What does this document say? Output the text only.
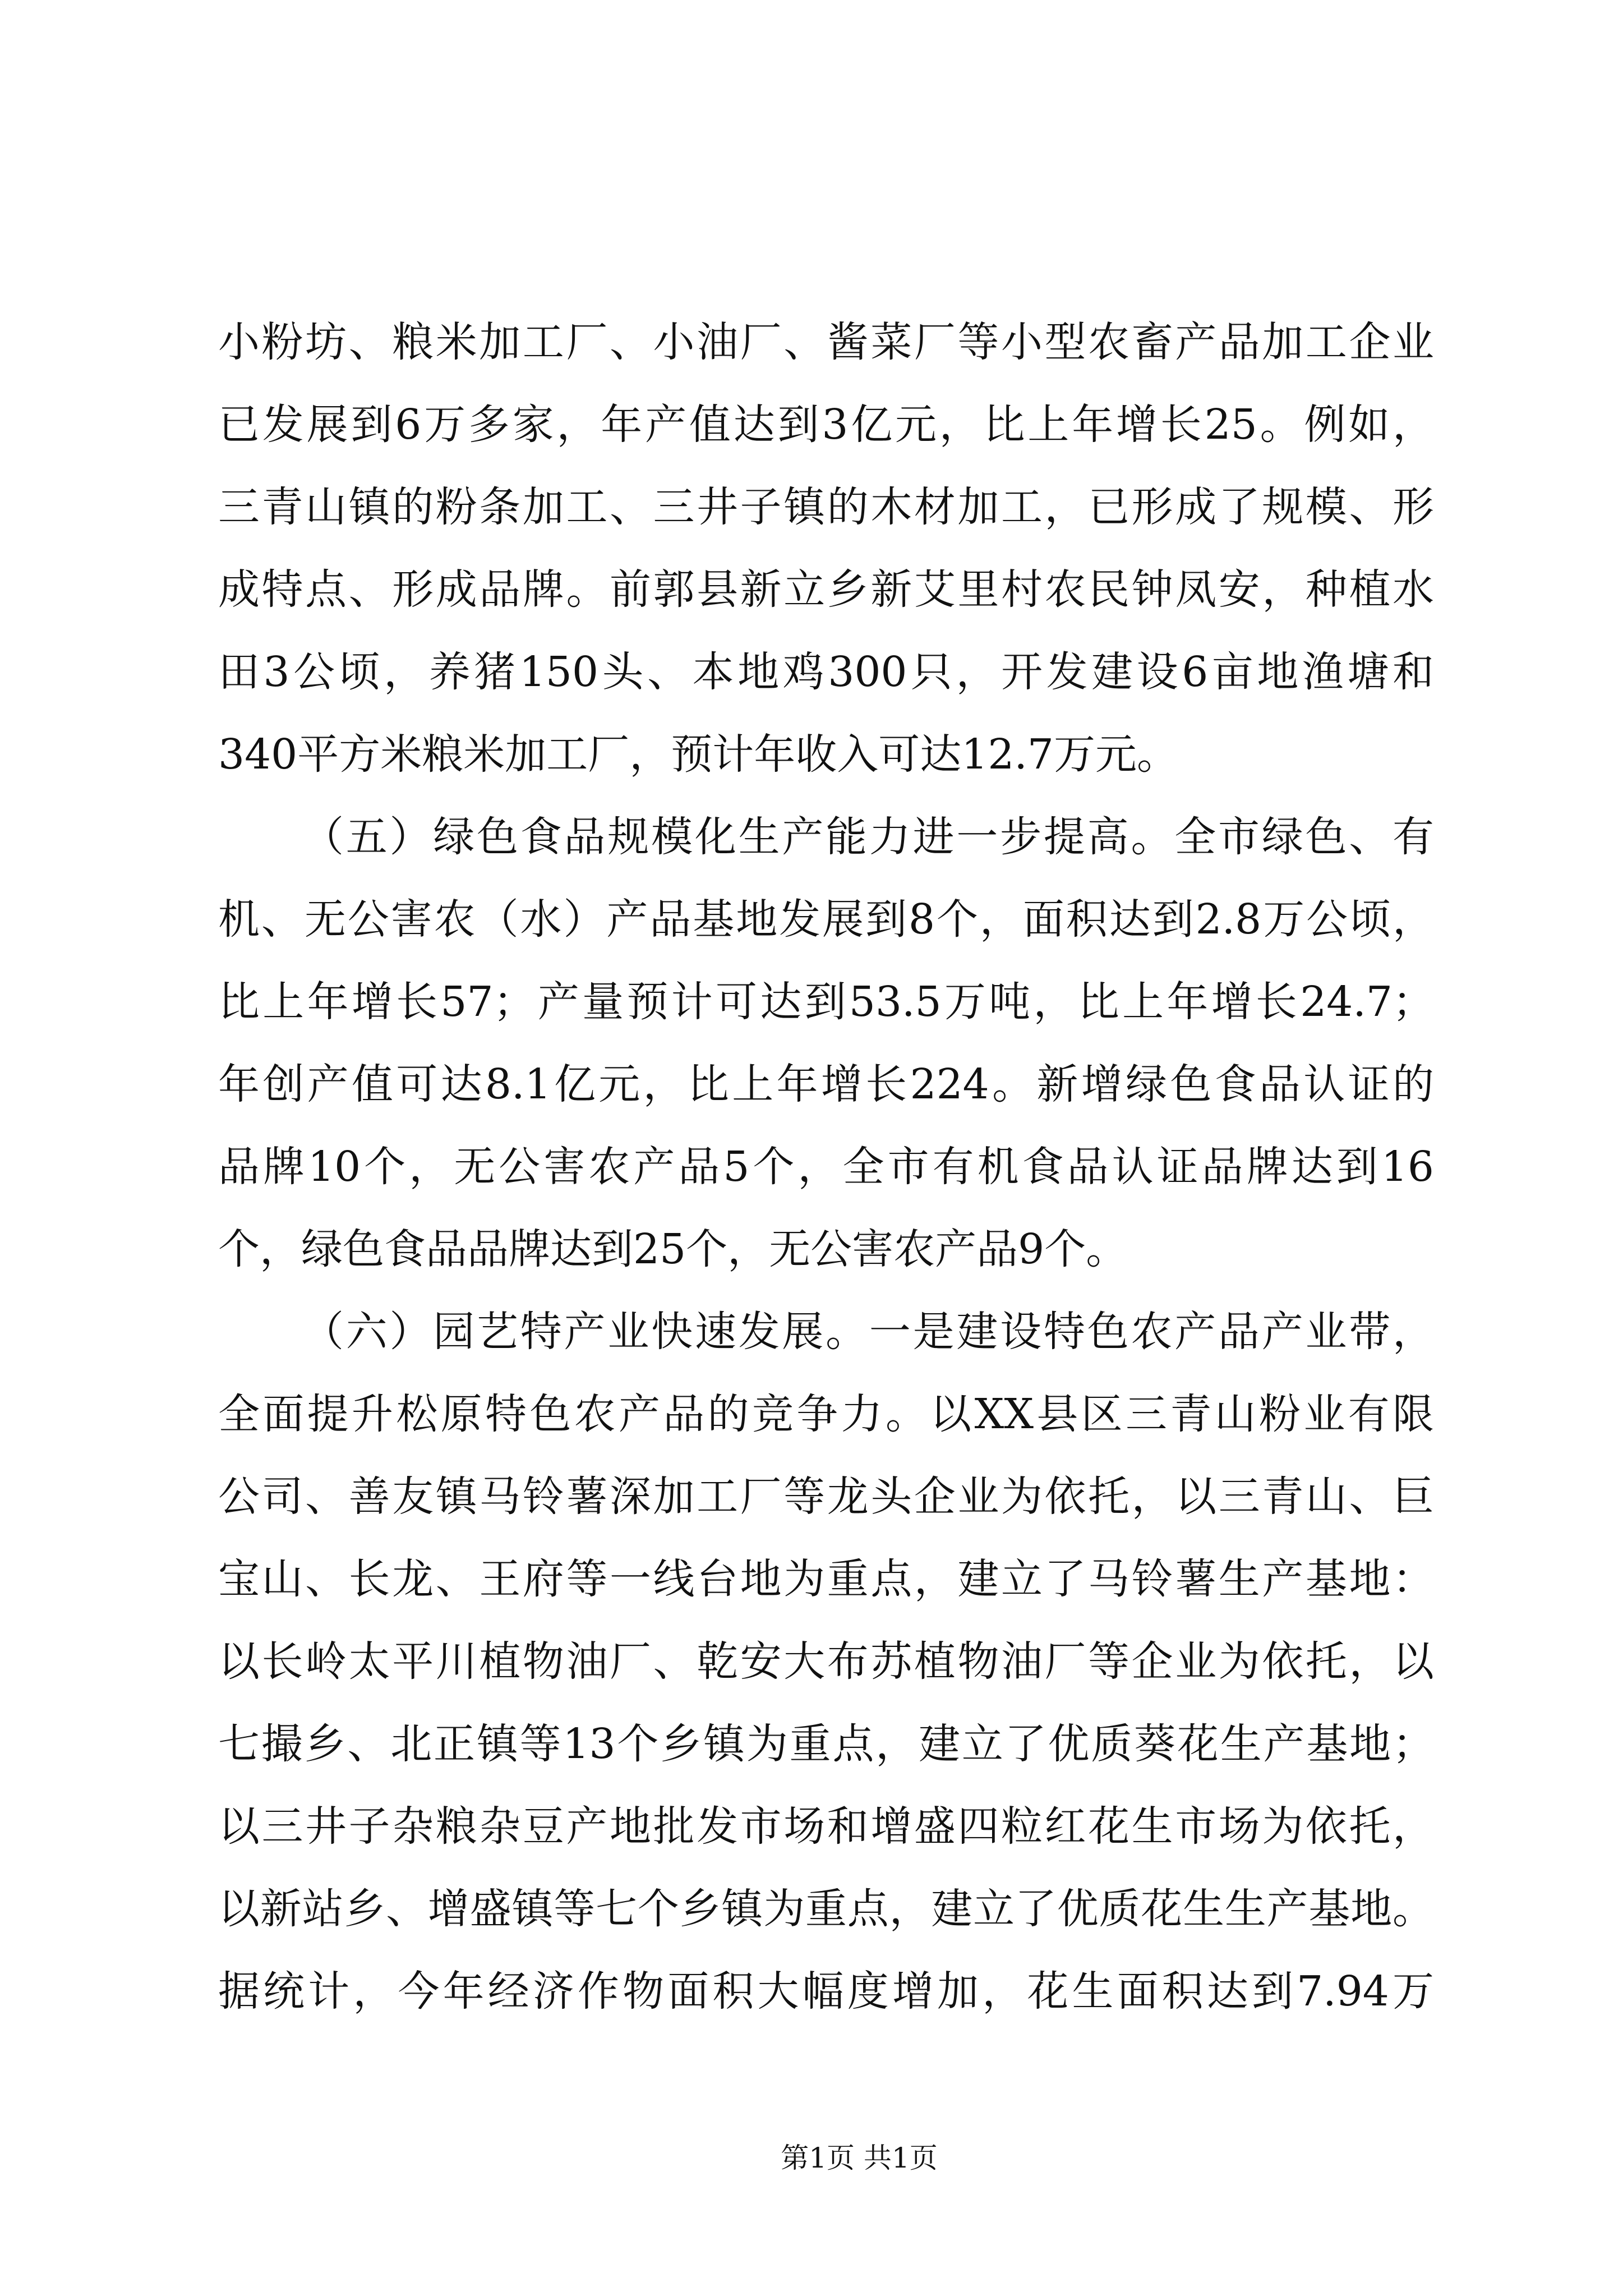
小粉坊、粮米加工厂、小油厂、酱菜厂等小型农畜产品加工企业
已发展到6万多家，年产值达到3亿元，比上年增长25。例如，
三青山镇的粉条加工、三井子镇的木材加工，已形成了规模、形
成特点、形成品牌。前郭县新立乡新艾里村农民钟凤安，种植水
田3公顷，养猪150头、本地鸡300只，开发建设6亩地渔塘和
340平方米粮米加工厂，预计年收入可达12.7万元。
（五）绿色食品规模化生产能力进一步提高。全市绿色、有
机、无公害农（水）产品基地发展到8个，面积达到2.8万公顷，
比上年增长57；产量预计可达到53.5万吨，比上年增长24.7；
年创产值可达8.1亿元，比上年增长224。新增绿色食品认证的
品牌10个，无公害农产品5个，全市有机食品认证品牌达到16
个，绿色食品品牌达到25个，无公害农产品9个。
（六）园艺特产业快速发展。一是建设特色农产品产业带，
全面提升松原特色农产品的竞争力。以XX县区三青山粉业有限
公司、善友镇马铃薯深加工厂等龙头企业为依托，以三青山、巨
宝山、长龙、王府等一线台地为重点，建立了马铃薯生产基地：
以长岭太平川植物油厂、乾安大布苏植物油厂等企业为依托，以
七撮乡、北正镇等13个乡镇为重点，建立了优质葵花生产基地；
以三井子杂粮杂豆产地批发市场和增盛四粒红花生市场为依托，
以新站乡、增盛镇等七个乡镇为重点，建立了优质花生生产基地。
据统计，今年经济作物面积大幅度增加，花生面积达到7.94万
第1页 共1页
